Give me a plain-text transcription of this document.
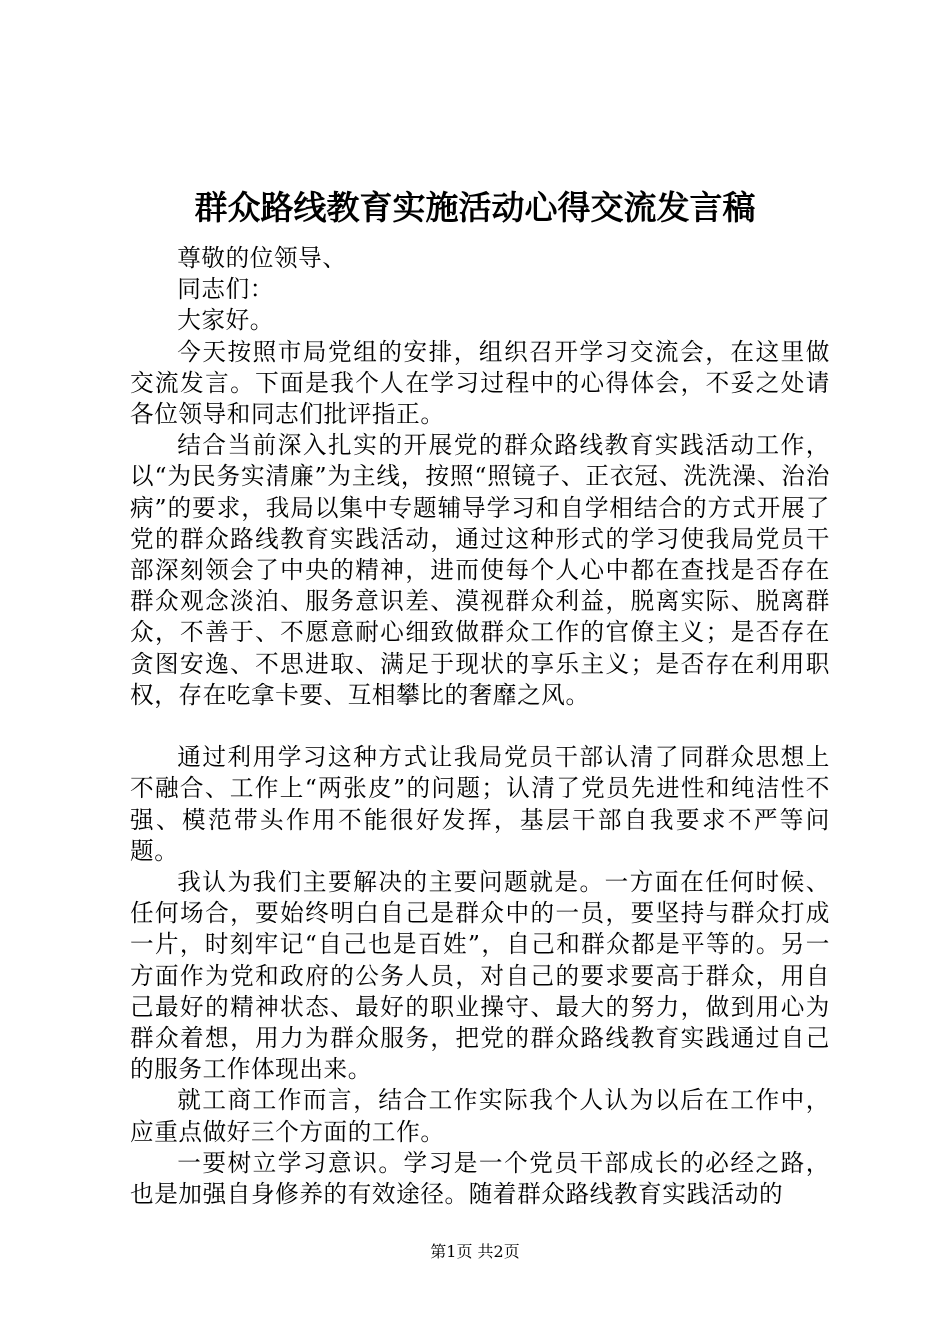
群众路线教育实施活动心得交流发言稿

尊敬的位领导、

同志们：

大家好。

今天按照市局党组的安排，组织召开学习交流会，在这里做交流发言。下面是我个人在学习过程中的心得体会，不妥之处请各位领导和同志们批评指正。

结合当前深入扎实的开展党的群众路线教育实践活动工作，以“为民务实清廉”为主线，按照“照镜子、正衣冠、洗洗澡、治治病”的要求，我局以集中专题辅导学习和自学相结合的方式开展了党的群众路线教育实践活动，通过这种形式的学习使我局党员干部深刻领会了中央的精神，进而使每个人心中都在查找是否存在群众观念淡泊、服务意识差、漠视群众利益，脱离实际、脱离群众，不善于、不愿意耐心细致做群众工作的官僚主义；是否存在贪图安逸、不思进取、满足于现状的享乐主义；是否存在利用职权，存在吃拿卡要、互相攀比的奢靡之风。

通过利用学习这种方式让我局党员干部认清了同群众思想上不融合、工作上“两张皮”的问题；认清了党员先进性和纯洁性不强、模范带头作用不能很好发挥，基层干部自我要求不严等问题。

我认为我们主要解决的主要问题就是。一方面在任何时候、任何场合，要始终明白自己是群众中的一员，要坚持与群众打成一片，时刻牢记“自己也是百姓”，自己和群众都是平等的。另一方面作为党和政府的公务人员，对自己的要求要高于群众，用自己最好的精神状态、最好的职业操守、最大的努力，做到用心为群众着想，用力为群众服务，把党的群众路线教育实践通过自己的服务工作体现出来。

就工商工作而言，结合工作实际我个人认为以后在工作中，应重点做好三个方面的工作。

一要树立学习意识。学习是一个党员干部成长的必经之路，也是加强自身修养的有效途径。随着群众路线教育实践活动的

第1页 共2页
